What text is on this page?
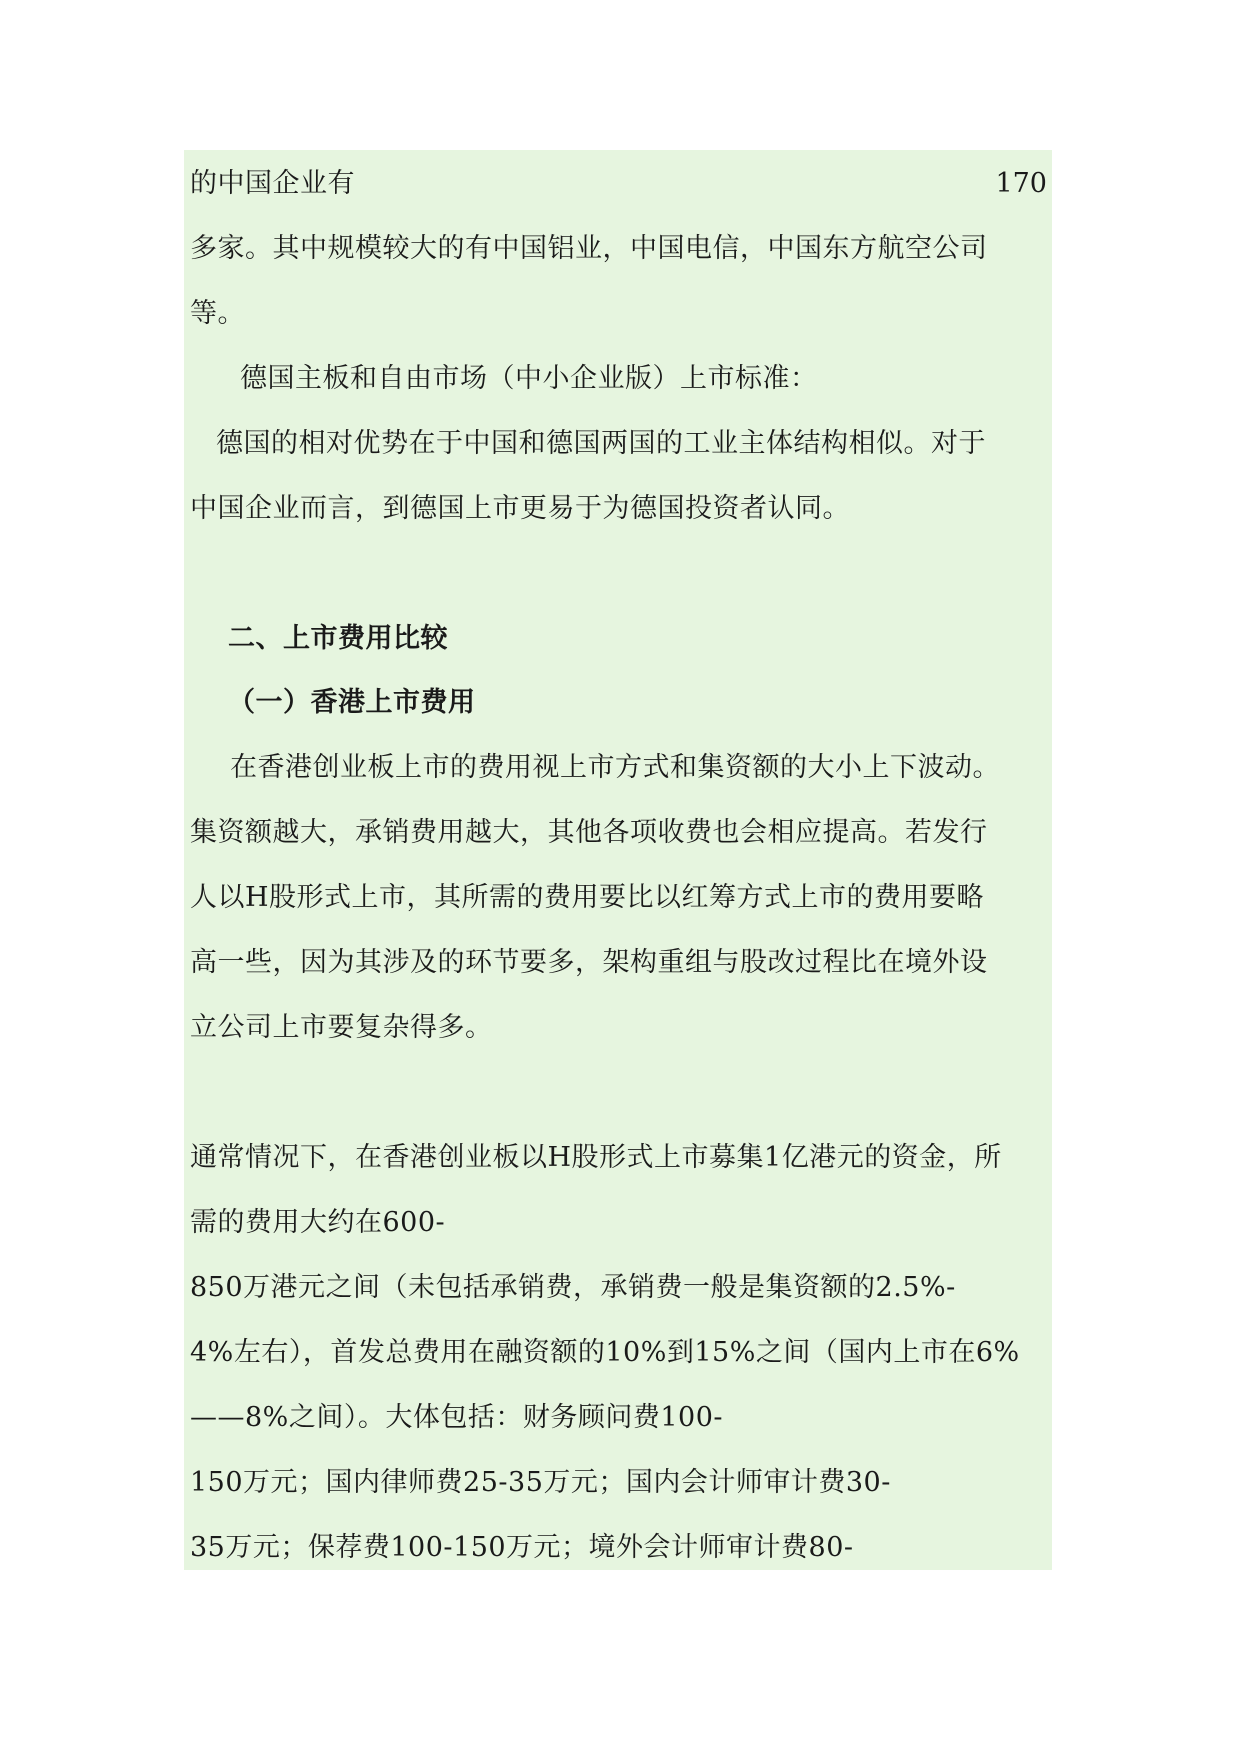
的中国企业有	170
多家。其中规模较大的有中国铝业，中国电信，中国东方航空公司
等。
德国主板和自由市场（中小企业版）上市标准：
德国的相对优势在于中国和德国两国的工业主体结构相似。对于
中国企业而言，到德国上市更易于为德国投资者认同。
二、上市费用比较
（一）香港上市费用
在香港创业板上市的费用视上市方式和集资额的大小上下波动。
集资额越大，承销费用越大，其他各项收费也会相应提高。若发行
人以H股形式上市，其所需的费用要比以红筹方式上市的费用要略
高一些，因为其涉及的环节要多，架构重组与股改过程比在境外设
立公司上市要复杂得多。
通常情况下，在香港创业板以H股形式上市募集1亿港元的资金，所
需的费用大约在600-
850万港元之间（未包括承销费，承销费一般是集资额的2.5%-
4%左右），首发总费用在融资额的10%到15%之间（国内上市在6%
——8%之间）。大体包括：财务顾问费100-
150万元；国内律师费25-35万元；国内会计师审计费30-
35万元；保荐费100-150万元；境外会计师审计费80-
